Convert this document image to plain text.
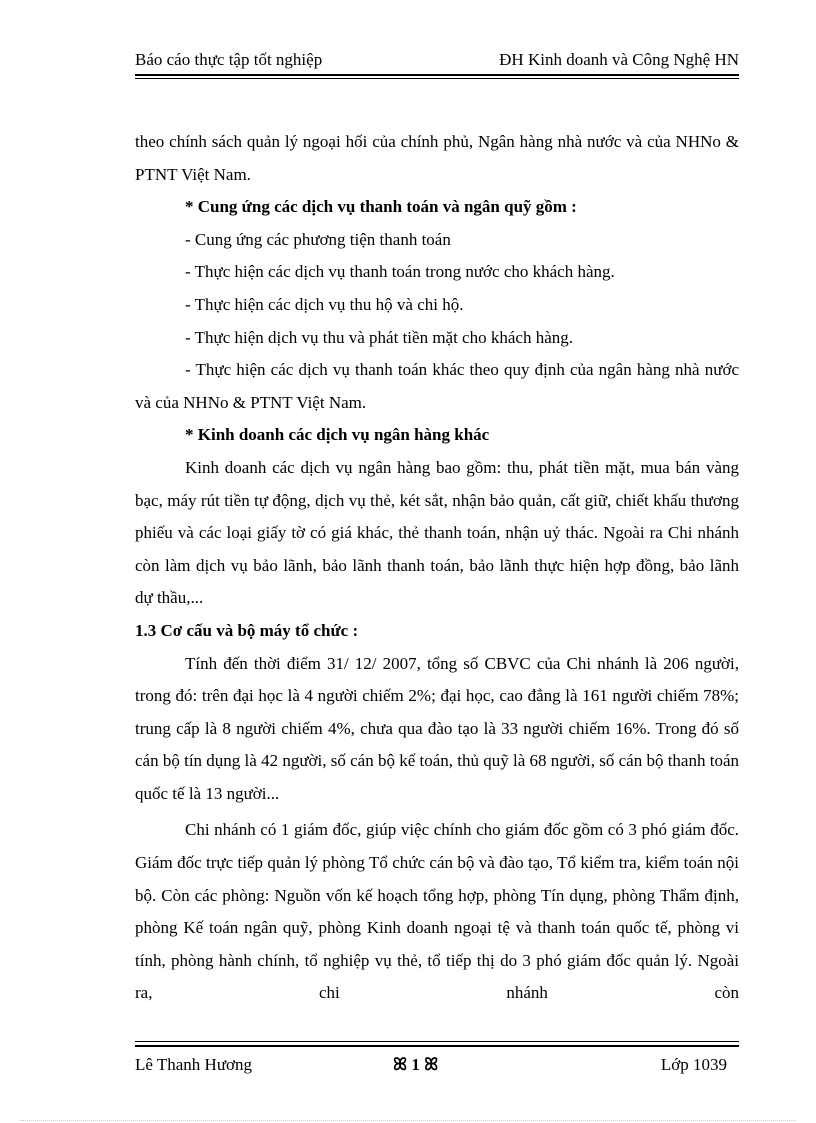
Báo cáo thực tập tốt nghiệp	ĐH Kinh doanh và Công Nghệ HN

theo chính sách quản lý ngoại hối của chính phủ, Ngân hàng nhà nước và của NHNo & PTNT Việt Nam.

* Cung ứng các dịch vụ thanh toán và ngân quỹ gồm :

- Cung ứng các phương tiện thanh toán

- Thực hiện các dịch vụ thanh toán trong nước cho khách hàng.

- Thực hiện các dịch vụ thu hộ và chi hộ.

- Thực hiện dịch vụ thu và phát tiền mặt cho khách hàng.

- Thực hiện các dịch vụ thanh toán khác theo quy định của ngân hàng nhà nước và của NHNo & PTNT Việt Nam.

* Kinh doanh các dịch vụ ngân hàng khác

Kinh doanh các dịch vụ ngân hàng bao gồm: thu, phát tiền mặt, mua bán vàng bạc, máy rút tiền tự động, dịch vụ thẻ, két sắt, nhận bảo quản, cất giữ, chiết khấu thương phiếu và các loại giấy tờ có giá khác, thẻ thanh toán, nhận uỷ thác. Ngoài ra Chi nhánh còn làm dịch vụ bảo lãnh, bảo lãnh thanh toán, bảo lãnh thực hiện hợp đồng, bảo lãnh dự thầu,...

1.3 Cơ cấu và bộ máy tổ chức :

Tính đến thời điểm 31/ 12/ 2007, tổng số CBVC của Chi nhánh là 206 người, trong đó: trên đại học là 4 người chiếm 2%; đại học, cao đẳng là 161 người chiếm 78%; trung cấp là 8 người chiếm 4%, chưa qua đào tạo là 33 người chiếm 16%. Trong đó số cán bộ tín dụng là 42 người, số cán bộ kế toán, thủ quỹ là 68 người, số cán bộ thanh toán quốc tế là 13 người...

Chi nhánh có 1 giám đốc, giúp việc chính cho giám đốc gồm có 3 phó giám đốc. Giám đốc trực tiếp quản lý phòng Tổ chức cán bộ và đào tạo, Tổ kiểm tra, kiểm toán nội bộ. Còn các phòng: Nguồn vốn kế hoạch tổng hợp, phòng Tín dụng, phòng Thẩm định, phòng Kế toán ngân quỹ, phòng Kinh doanh ngoại tệ và thanh toán quốc tế, phòng vi tính, phòng hành chính, tổ nghiệp vụ thẻ, tổ tiếp thị do 3 phó giám đốc quản lý. Ngoài ra, chi nhánh còn

Lê Thanh Hương	ꕤ 1 ꕤ	Lớp 1039
